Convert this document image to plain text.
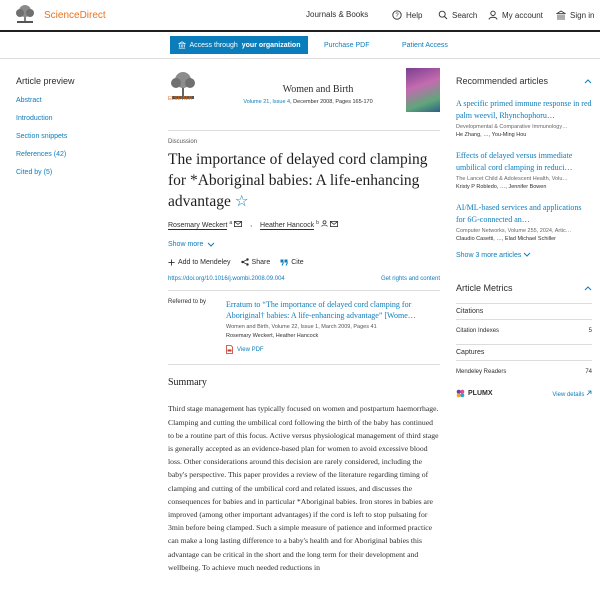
ScienceDirect	Journals & Books	? Help	Search	My account	Sign in
Access through your organization	Purchase PDF	Patient Access
Article preview
Abstract
Introduction
Section snippets
References (42)
Cited by (5)
ELSEVIER
Women and Birth
Volume 21, Issue 4, December 2008, Pages 165-170
Discussion
The importance of delayed cord clamping for *Aboriginal babies: A life-enhancing advantage ☆
Rosemary Weckert $^a$	, Heather Hancock $^b$
Show more
Add to Mendeley	Share	Cite
https://doi.org/10.1016/j.wombi.2008.09.004	Get rights and content
Referred to by	Erratum to “The importance of delayed cord clamping for Aboriginal† babies: A life-enhancing advantage” [Wome…
Women and Birth, Volume 22, Issue 1, March 2009, Pages 41
Rosemary Weckert, Heather Hancock
View PDF
Summary
Third stage management has typically focused on women and postpartum haemorrhage. Clamping and cutting the umbilical cord following the birth of the baby has continued to be a routine part of this focus. Active versus physiological management of third stage is generally accepted as an evidence-based plan for women to avoid excessive blood loss. Other considerations around this decision are rarely considered, including the baby's perspective. This paper provides a review of the literature regarding timing of clamping and cutting of the umbilical cord and related issues, and discusses the consequences for babies and in particular *Aboriginal babies. Iron stores in babies are improved (among other important advantages) if the cord is left to stop pulsating for 3min before being clamped. Such a simple measure of patience and informed practice can make a long lasting difference to a baby's health and for Aboriginal babies this advantage can be critical in the short and the long term for their development and wellbeing. To achieve much needed reductions in
Recommended articles
A specific primed immune response in red palm weevil, Rhynchophoru…
Developmental & Comparative Immunology…
He Zhang, …, You-Ming Hou
Effects of delayed versus immediate umbilical cord clamping in reduci…
The Lancet Child & Adolescent Health, Volu…
Kristy P Robledo, …, Jennifer Bowen
AI/ML-based services and applications for 6G-connected an…
Computer Networks, Volume 255, 2024, Artic…
Claudio Casetti, …, Elad Michael Schiller
Show 3 more articles
Article Metrics
Citations
Citation Indexes	5
Captures
Mendeley Readers	74
PLUMX	View details
